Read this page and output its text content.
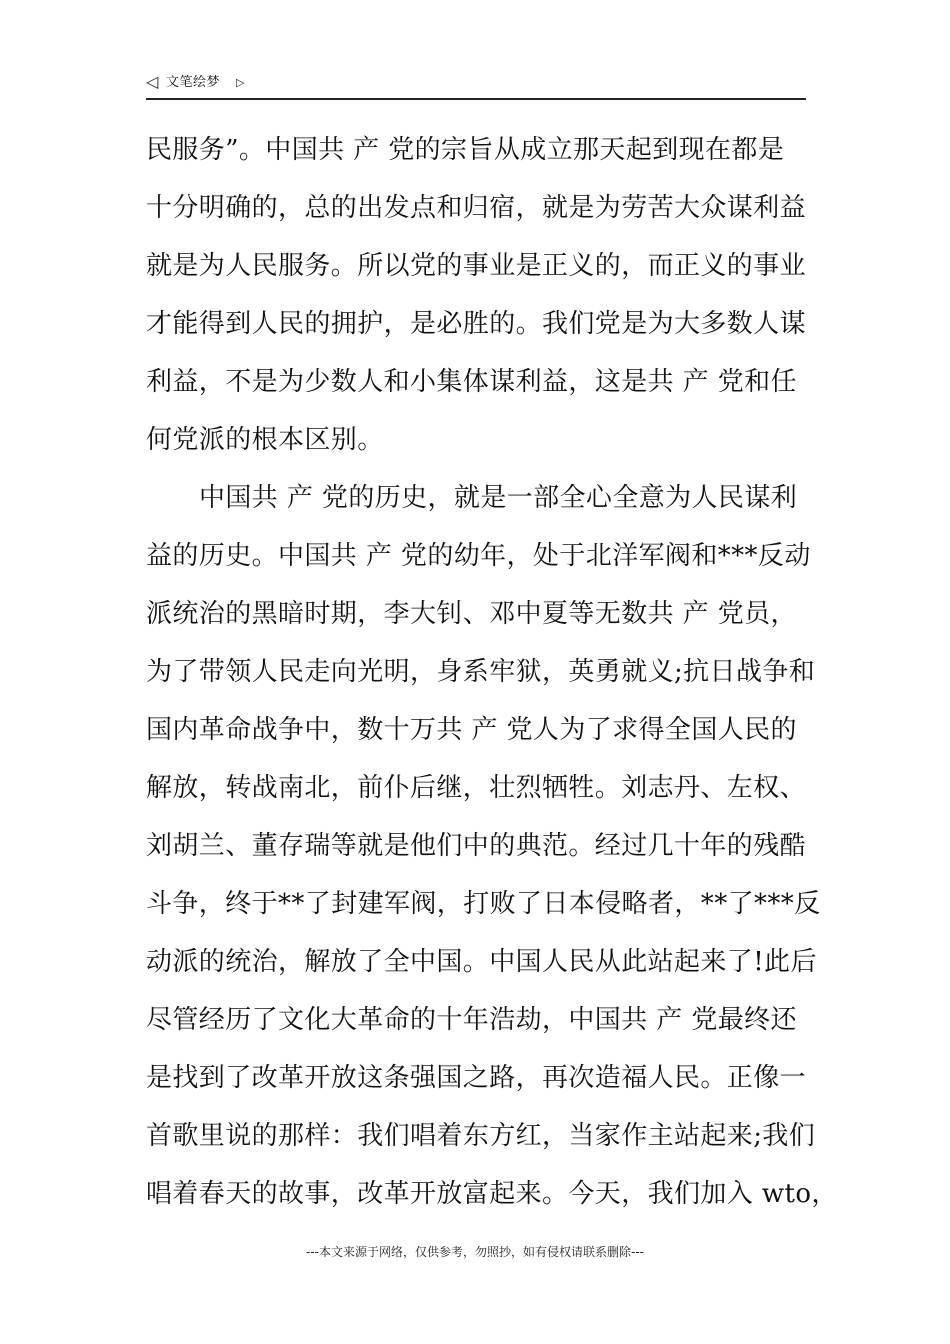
◁ 文笔绘梦 ▷
民服务”。中国共 产 党的宗旨从成立那天起到现在都是
十分明确的，总的出发点和归宿，就是为劳苦大众谋利益
就是为人民服务。所以党的事业是正义的，而正义的事业
才能得到人民的拥护，是必胜的。我们党是为大多数人谋
利益，不是为少数人和小集体谋利益，这是共 产 党和任
何党派的根本区别。
中国共 产 党的历史，就是一部全心全意为人民谋利
益的历史。中国共 产 党的幼年，处于北洋军阀和***反动
派统治的黑暗时期，李大钊、邓中夏等无数共 产 党员，
为了带领人民走向光明，身系牢狱，英勇就义;抗日战争和
国内革命战争中，数十万共 产 党人为了求得全国人民的
解放，转战南北，前仆后继，壮烈牺牲。刘志丹、左权、
刘胡兰、董存瑞等就是他们中的典范。经过几十年的残酷
斗争，终于**了封建军阀，打败了日本侵略者，**了***反
动派的统治，解放了全中国。中国人民从此站起来了!此后
尽管经历了文化大革命的十年浩劫，中国共 产 党最终还
是找到了改革开放这条强国之路，再次造福人民。正像一
首歌里说的那样：我们唱着东方红，当家作主站起来;我们
唱着春天的故事，改革开放富起来。今天，我们加入 wto，
---本文来源于网络，仅供参考，勿照抄，如有侵权请联系删除---
